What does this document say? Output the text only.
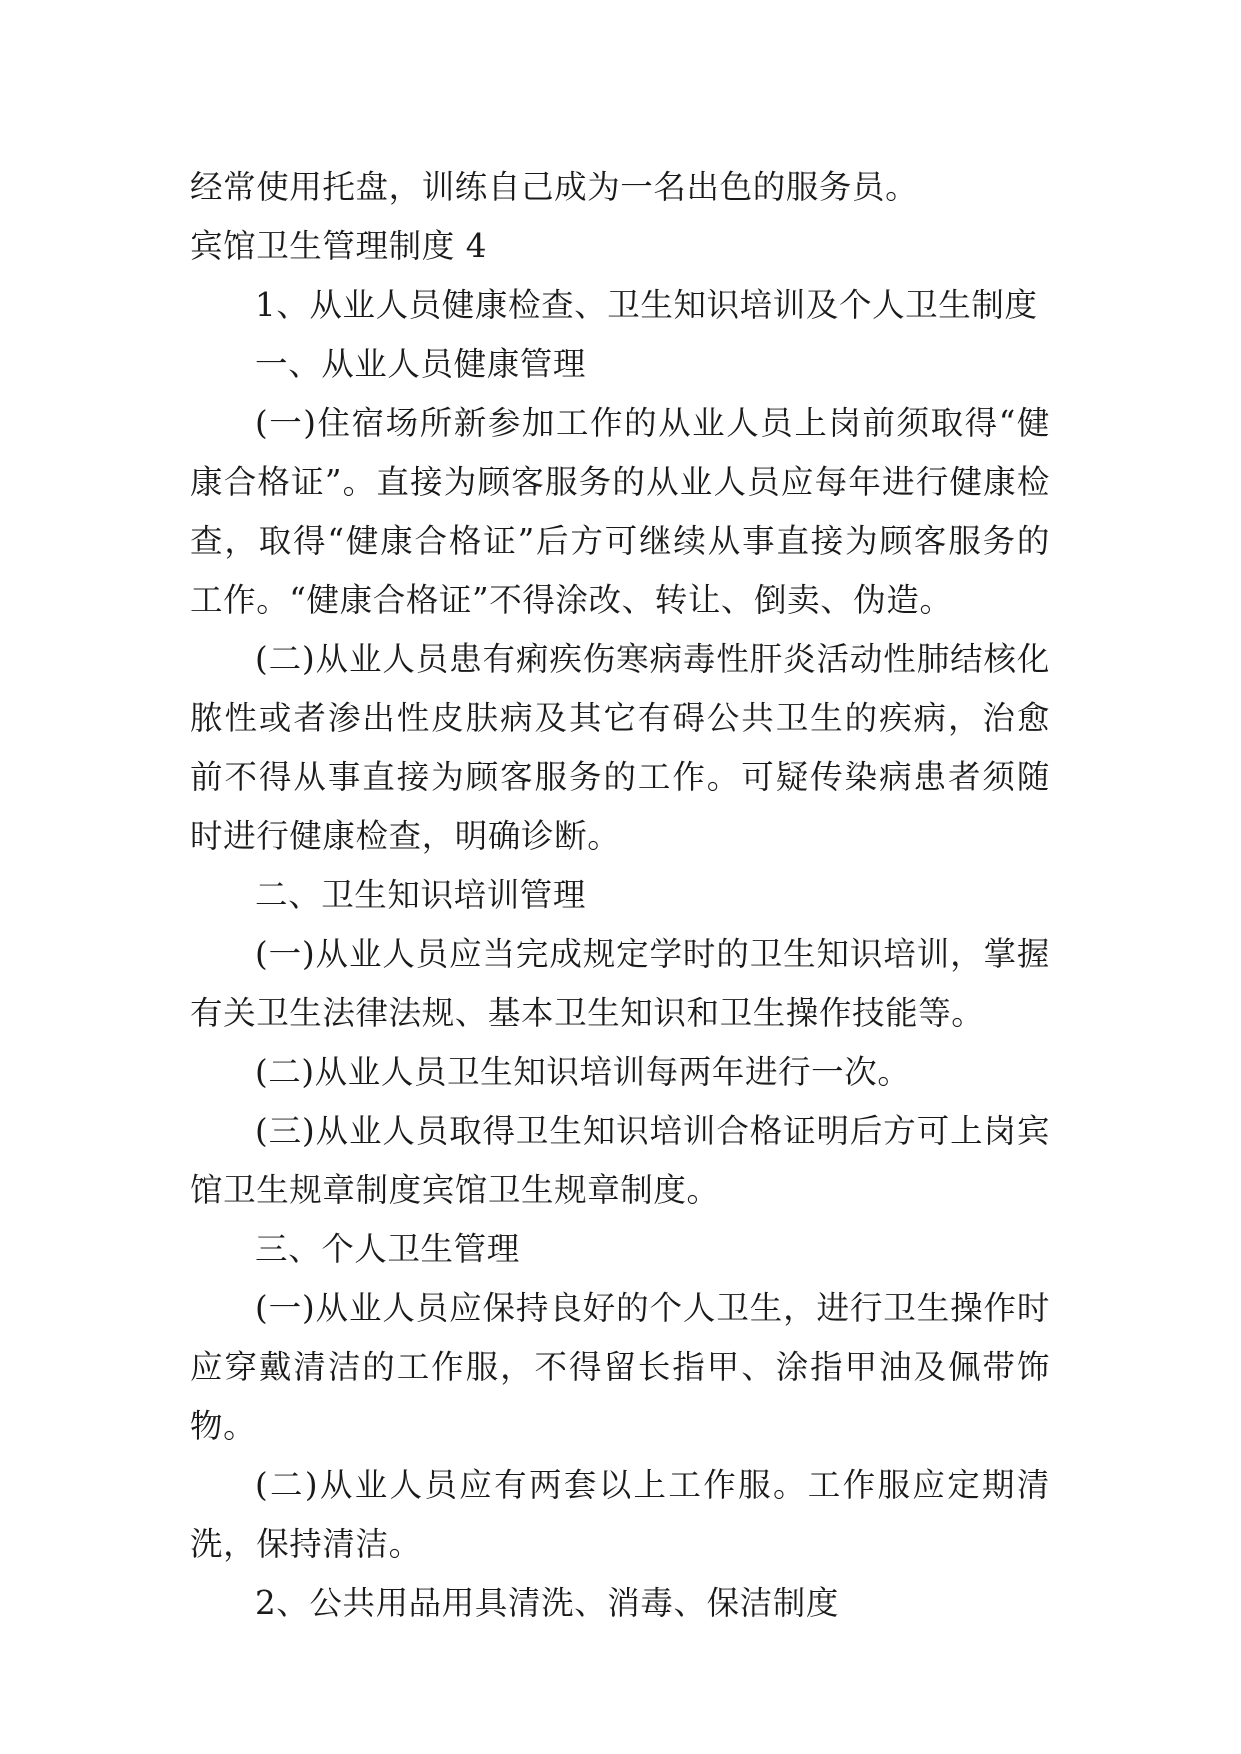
经常使用托盘，训练自己成为一名出色的服务员。

宾馆卫生管理制度 4

1、从业人员健康检查、卫生知识培训及个人卫生制度

一、从业人员健康管理

(一)住宿场所新参加工作的从业人员上岗前须取得“健康合格证”。直接为顾客服务的从业人员应每年进行健康检查，取得“健康合格证”后方可继续从事直接为顾客服务的工作。“健康合格证”不得涂改、转让、倒卖、伪造。

(二)从业人员患有痢疾伤寒病毒性肝炎活动性肺结核化脓性或者渗出性皮肤病及其它有碍公共卫生的疾病，治愈前不得从事直接为顾客服务的工作。可疑传染病患者须随时进行健康检查，明确诊断。

二、卫生知识培训管理

(一)从业人员应当完成规定学时的卫生知识培训，掌握有关卫生法律法规、基本卫生知识和卫生操作技能等。

(二)从业人员卫生知识培训每两年进行一次。

(三)从业人员取得卫生知识培训合格证明后方可上岗宾馆卫生规章制度宾馆卫生规章制度。

三、个人卫生管理

(一)从业人员应保持良好的个人卫生，进行卫生操作时应穿戴清洁的工作服，不得留长指甲、涂指甲油及佩带饰物。

(二)从业人员应有两套以上工作服。工作服应定期清洗，保持清洁。

2、公共用品用具清洗、消毒、保洁制度
